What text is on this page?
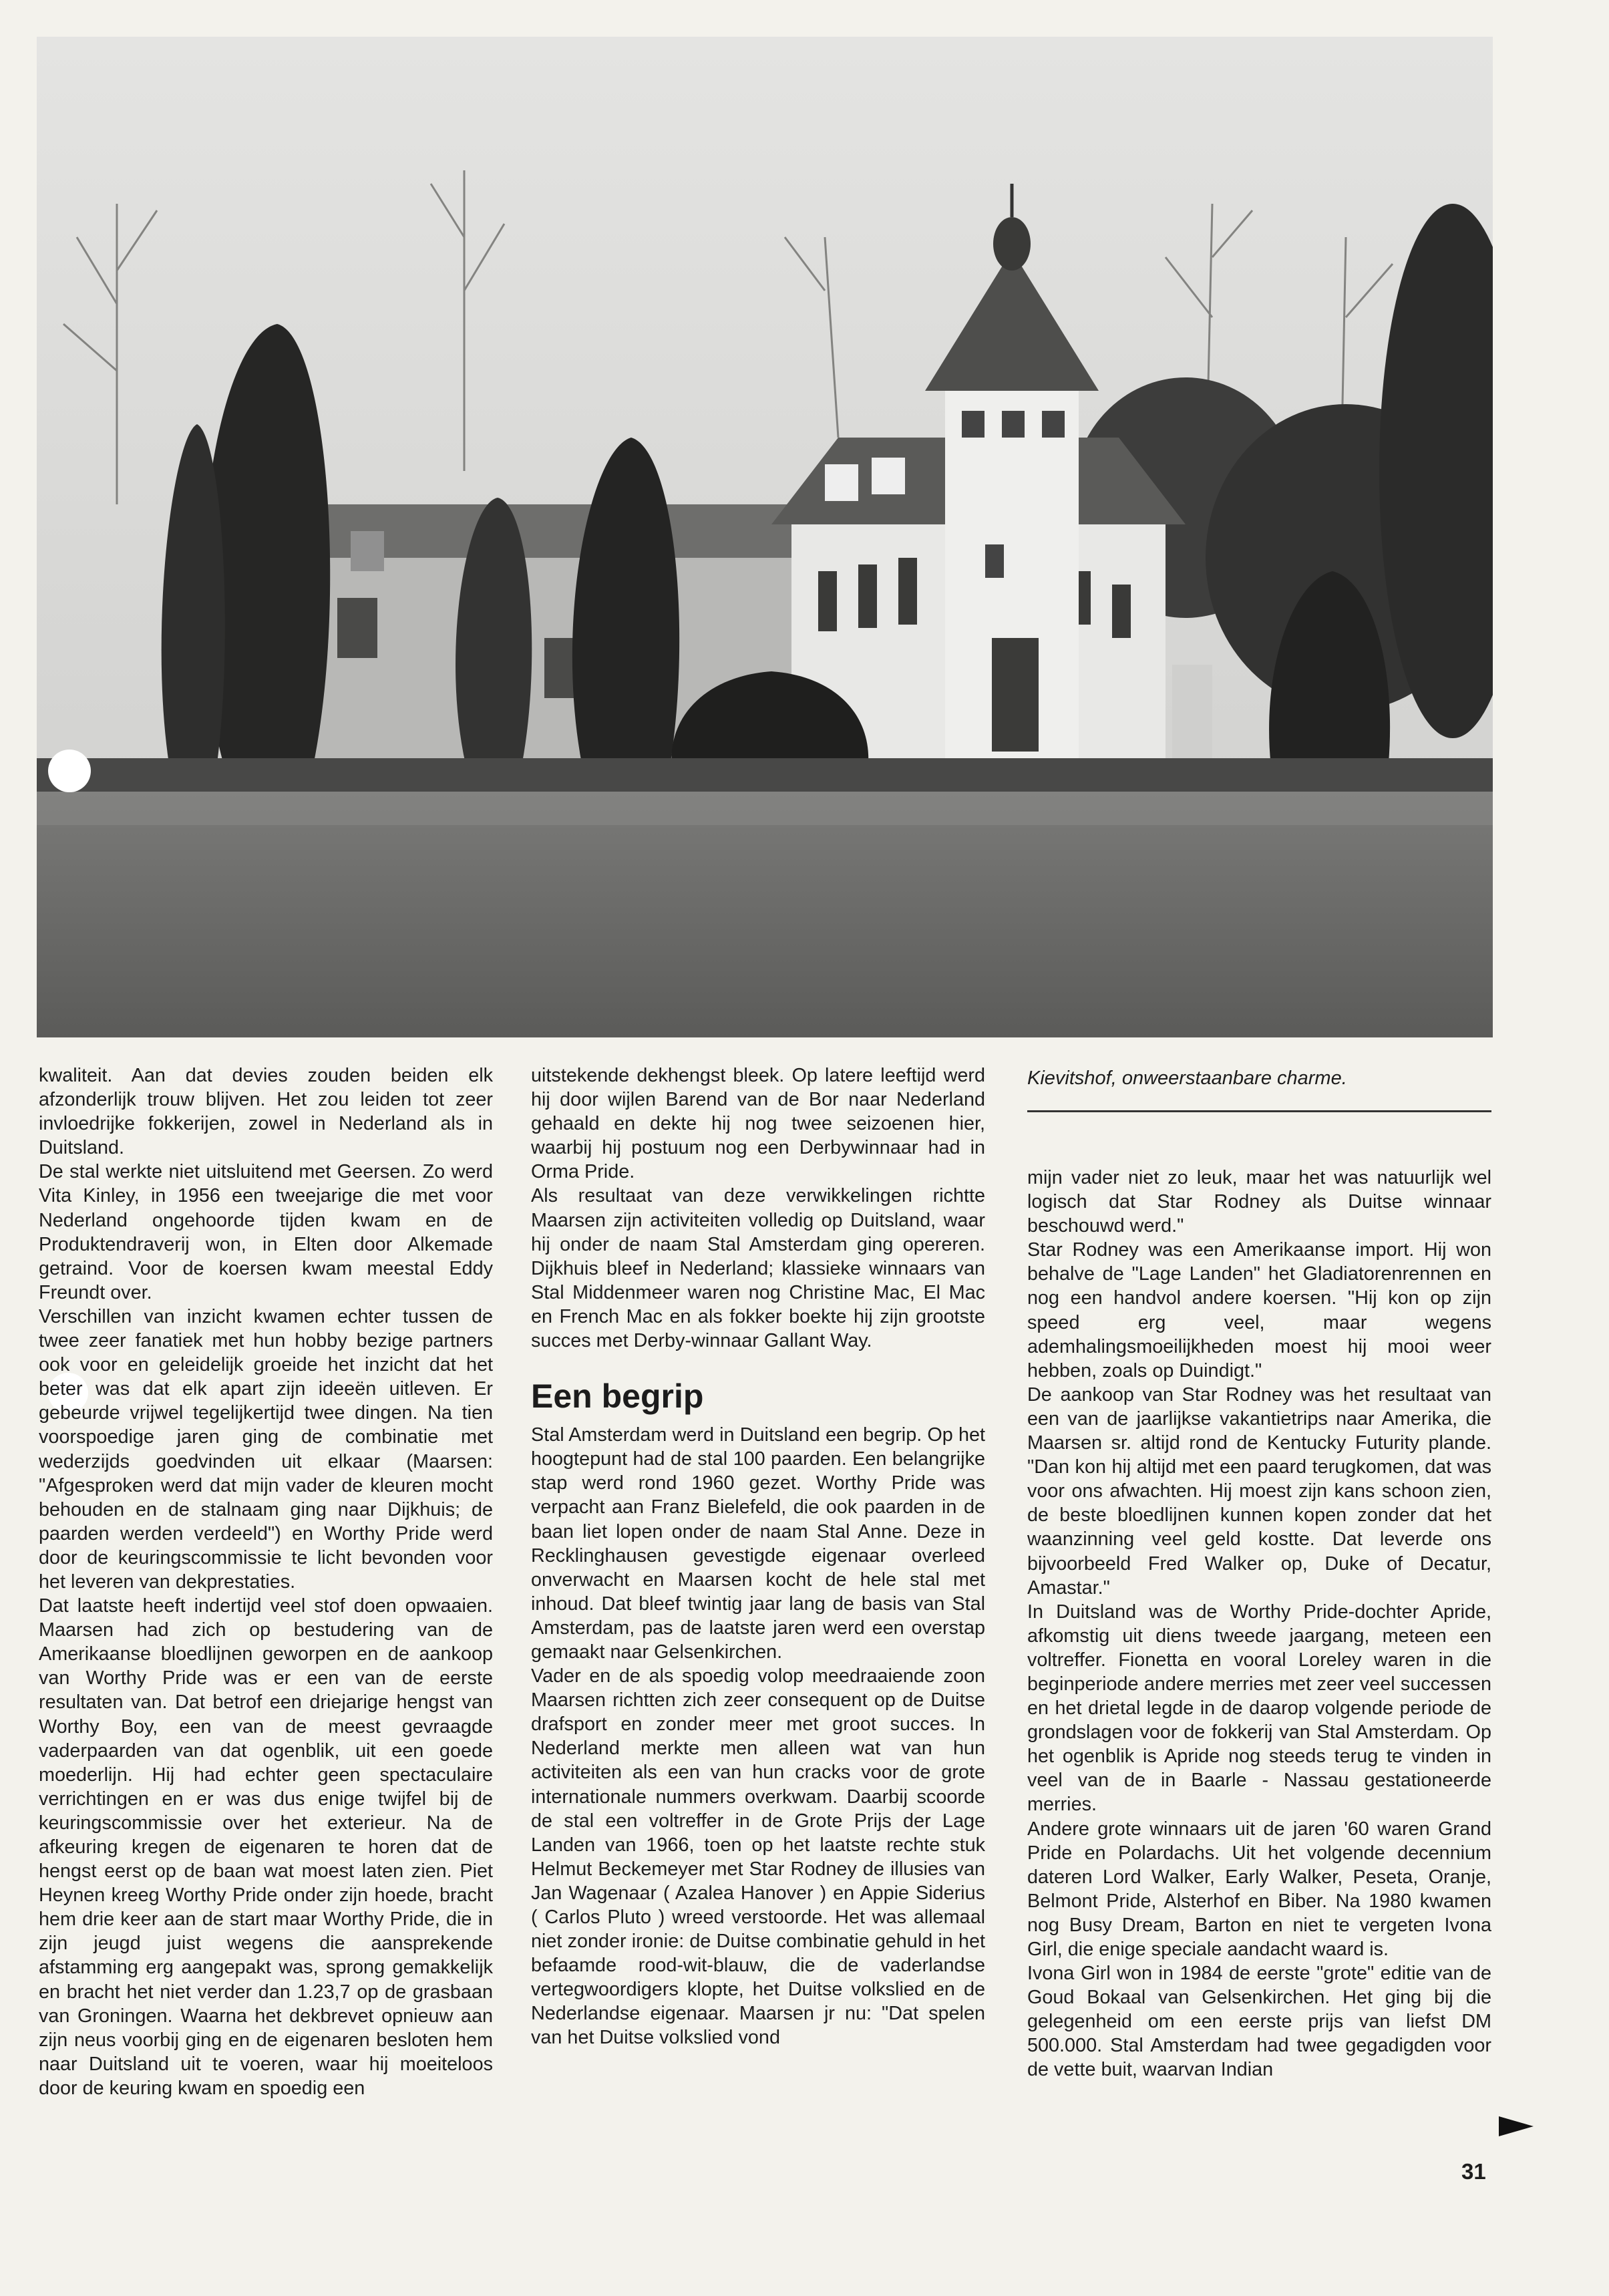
Kievitshof, onweerstaanbare charme.

kwaliteit. Aan dat devies zouden beiden elk afzonderlijk trouw blijven. Het zou leiden tot zeer invloedrijke fokkerijen, zowel in Nederland als in Duitsland.

De stal werkte niet uitsluitend met Geersen. Zo werd Vita Kinley, in 1956 een tweejarige die met voor Nederland ongehoorde tijden kwam en de Produktendraverij won, in Elten door Alkemade getraind. Voor de koersen kwam meestal Eddy Freundt over.

Verschillen van inzicht kwamen echter tussen de twee zeer fanatiek met hun hobby bezige partners ook voor en geleidelijk groeide het inzicht dat het beter was dat elk apart zijn ideeën uitleven. Er gebeurde vrijwel tegelijkertijd twee dingen. Na tien voorspoedige jaren ging de combinatie met wederzijds goedvinden uit elkaar (Maarsen: "Afgesproken werd dat mijn vader de kleuren mocht behouden en de stalnaam ging naar Dijkhuis; de paarden werden verdeeld") en Worthy Pride werd door de keuringscommissie te licht bevonden voor het leveren van dekprestaties.

Dat laatste heeft indertijd veel stof doen opwaaien. Maarsen had zich op bestudering van de Amerikaanse bloedlijnen geworpen en de aankoop van Worthy Pride was er een van de eerste resultaten van. Dat betrof een driejarige hengst van Worthy Boy, een van de meest gevraagde vaderpaarden van dat ogenblik, uit een goede moederlijn. Hij had echter geen spectaculaire verrichtingen en er was dus enige twijfel bij de keuringscommissie over het exterieur. Na de afkeuring kregen de eigenaren te horen dat de hengst eerst op de baan wat moest laten zien. Piet Heynen kreeg Worthy Pride onder zijn hoede, bracht hem drie keer aan de start maar Worthy Pride, die in zijn jeugd juist wegens die aansprekende afstamming erg aangepakt was, sprong gemakkelijk en bracht het niet verder dan 1.23,7 op de grasbaan van Groningen. Waarna het dekbrevet opnieuw aan zijn neus voorbij ging en de eigenaren besloten hem naar Duitsland uit te voeren, waar hij moeiteloos door de keuring kwam en spoedig een

uitstekende dekhengst bleek. Op latere leeftijd werd hij door wijlen Barend van de Bor naar Nederland gehaald en dekte hij nog twee seizoenen hier, waarbij hij postuum nog een Derbywinnaar had in Orma Pride.

Als resultaat van deze verwikkelingen richtte Maarsen zijn activiteiten volledig op Duitsland, waar hij onder de naam Stal Amsterdam ging opereren. Dijkhuis bleef in Nederland; klassieke winnaars van Stal Middenmeer waren nog Christine Mac, El Mac en French Mac en als fokker boekte hij zijn grootste succes met Derby-winnaar Gallant Way.

Een begrip

Stal Amsterdam werd in Duitsland een begrip. Op het hoogtepunt had de stal 100 paarden. Een belangrijke stap werd rond 1960 gezet. Worthy Pride was verpacht aan Franz Bielefeld, die ook paarden in de baan liet lopen onder de naam Stal Anne. Deze in Recklinghausen gevestigde eigenaar overleed onverwacht en Maarsen kocht de hele stal met inhoud. Dat bleef twintig jaar lang de basis van Stal Amsterdam, pas de laatste jaren werd een overstap gemaakt naar Gelsenkirchen.

Vader en de als spoedig volop meedraaiende zoon Maarsen richtten zich zeer consequent op de Duitse drafsport en zonder meer met groot succes. In Nederland merkte men alleen wat van hun activiteiten als een van hun cracks voor de grote internationale nummers overkwam. Daarbij scoorde de stal een voltreffer in de Grote Prijs der Lage Landen van 1966, toen op het laatste rechte stuk Helmut Beckemeyer met Star Rodney de illusies van Jan Wagenaar ( Azalea Hanover ) en Appie Siderius ( Carlos Pluto ) wreed verstoorde. Het was allemaal niet zonder ironie: de Duitse combinatie gehuld in het befaamde rood-wit-blauw, die de vaderlandse vertegwoordigers klopte, het Duitse volkslied en de Nederlandse eigenaar. Maarsen jr nu: "Dat spelen van het Duitse volkslied vond

mijn vader niet zo leuk, maar het was natuurlijk wel logisch dat Star Rodney als Duitse winnaar beschouwd werd."

Star Rodney was een Amerikaanse import. Hij won behalve de "Lage Landen" het Gladiatorenrennen en nog een handvol andere koersen. "Hij kon op zijn speed erg veel, maar wegens ademhalingsmoeilijkheden moest hij mooi weer hebben, zoals op Duindigt."

De aankoop van Star Rodney was het resultaat van een van de jaarlijkse vakantietrips naar Amerika, die Maarsen sr. altijd rond de Kentucky Futurity plande. "Dan kon hij altijd met een paard terugkomen, dat was voor ons afwachten. Hij moest zijn kans schoon zien, de beste bloedlijnen kunnen kopen zonder dat het waanzinning veel geld kostte. Dat leverde ons bijvoorbeeld Fred Walker op, Duke of Decatur, Amastar."

In Duitsland was de Worthy Pride-dochter Apride, afkomstig uit diens tweede jaargang, meteen een voltreffer. Fionetta en vooral Loreley waren in die beginperiode andere merries met zeer veel successen en het drietal legde in de daarop volgende periode de grondslagen voor de fokkerij van Stal Amsterdam. Op het ogenblik is Apride nog steeds terug te vinden in veel van de in Baarle - Nassau gestationeerde merries.

Andere grote winnaars uit de jaren '60 waren Grand Pride en Polardachs. Uit het volgende decennium dateren Lord Walker, Early Walker, Peseta, Oranje, Belmont Pride, Alsterhof en Biber. Na 1980 kwamen nog Busy Dream, Barton en niet te vergeten Ivona Girl, die enige speciale aandacht waard is.

Ivona Girl won in 1984 de eerste "grote" editie van de Goud Bokaal van Gelsenkirchen. Het ging bij die gelegenheid om een eerste prijs van liefst DM 500.000. Stal Amsterdam had twee gegadigden voor de vette buit, waarvan Indian

31
